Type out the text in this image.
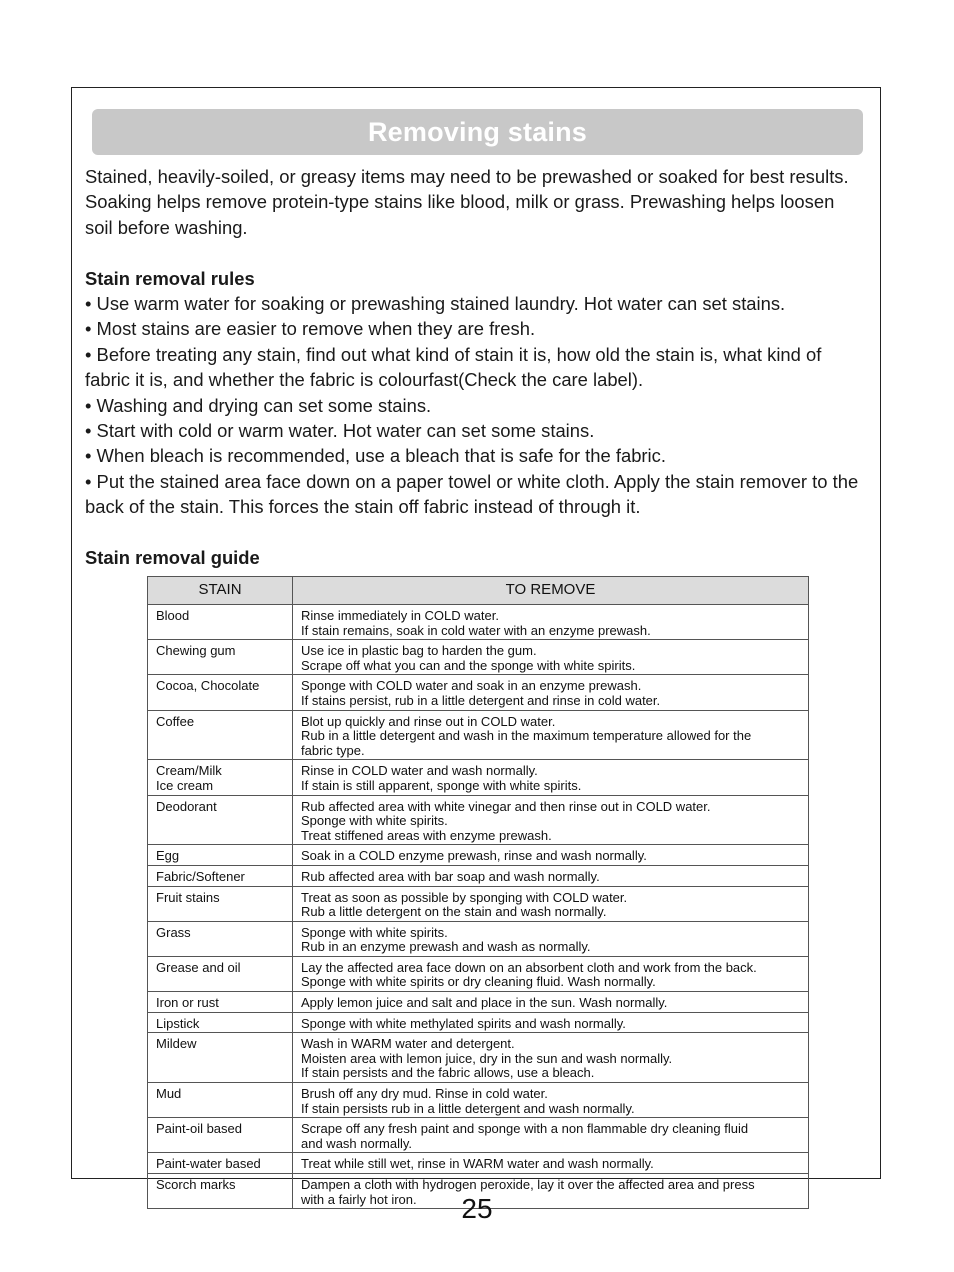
Removing stains

Stained, heavily-soiled, or greasy items may need to be prewashed or soaked for best results. Soaking helps remove protein-type stains like blood, milk or grass. Prewashing helps loosen soil before washing.

Stain removal rules

• Use warm water for soaking or prewashing stained laundry. Hot water can set stains.

• Most stains are easier to remove when they are fresh.

• Before treating any stain, find out what kind of stain it is, how old the stain is, what kind of fabric it is, and whether the fabric is colourfast(Check the care label).

• Washing and drying can set some stains.

• Start with cold or warm water. Hot water can set some stains.

• When bleach is recommended, use a bleach that is safe for the fabric.

• Put the stained area face down on a paper towel or white cloth. Apply the stain remover to the back of the stain. This forces the stain off fabric instead of through it.

Stain removal guide

STAIN	TO REMOVE

Blood	Rinse immediately in COLD water.
If stain remains, soak in cold water with an enzyme prewash.

Chewing gum	Use ice in plastic bag to harden the gum.
Scrape off what you can and the sponge with white spirits.

Cocoa, Chocolate	Sponge with COLD water and soak in an enzyme prewash.
If stains persist, rub in a little detergent and rinse in cold water.

Coffee	Blot up quickly and rinse out in COLD water.
Rub in a little detergent and wash in the maximum temperature allowed for the
fabric type.

Cream/Milk
Ice cream	Rinse in COLD water and wash normally.
If stain is still apparent, sponge with white spirits.

Deodorant	Rub affected area with white vinegar and then rinse out in COLD water.
Sponge with white spirits.
Treat stiffened areas with enzyme prewash.

Egg	Soak in a COLD enzyme prewash, rinse and wash normally.

Fabric/Softener	Rub affected area with bar soap and wash normally.

Fruit stains	Treat as soon as possible by sponging with COLD water.
Rub a little detergent on the stain and wash normally.

Grass	Sponge with white spirits.
Rub in an enzyme prewash and wash as normally.

Grease and oil	Lay the affected area face down on an absorbent cloth and work from the back.
Sponge with white spirits or dry cleaning fluid. Wash normally.

Iron or rust	Apply lemon juice and salt and place in the sun. Wash normally.

Lipstick	Sponge with white methylated spirits and wash normally.

Mildew	Wash in WARM water and detergent.
Moisten area with lemon juice, dry in the sun and wash normally.
If stain persists and the fabric allows, use a bleach.

Mud	Brush off any dry mud. Rinse in cold water.
If stain persists rub in a little detergent and wash normally.

Paint-oil based	Scrape off any fresh paint and sponge with a non flammable dry cleaning fluid
and wash normally.

Paint-water based	Treat while still wet, rinse in WARM water and wash normally.

Scorch marks	Dampen a cloth with hydrogen peroxide, lay it over the affected area and press
with a fairly hot iron.	25
